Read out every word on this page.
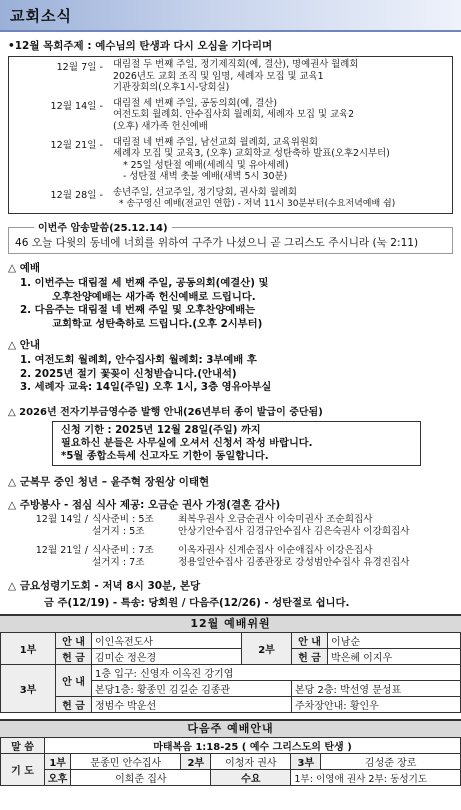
교회소식
•12월 목회주제 : 예수님의 탄생과 다시 오심을 기다리며
12월 7일 -	대림절 두 번째 주일, 정기제직회(예, 결산), 명예권사 월례회
2026년도 교회 조직 및 임명, 세례자 모집 및 교육1
기관장회의(오후1시-당회실)
12월 14일 -	대림절 세 번째 주일, 공동의회(예, 결산)
여전도회 월례회. 안수집사회 월례회, 세례자 모집 및 교육2
(오후) 새가족 헌신예배
12월 21일 -	대림절 네 번째 주일, 남선교회 월례회, 교육위원회
세례자 모집 및 교육3, (오후) 교회학교 성탄축하 발표(오후2시부터)
* 25일 성탄절 예배(세례식 및 유아세례)
- 성탄절 새벽 촛불 예배(새벽 5시 30분)
12월 28일 -	송년주일, 선교주일, 정기당회, 권사회 월례회
* 송구영신 예배(전교인 연합) - 저녁 11시 30분부터(수요저녁예배 쉼)
이번주 암송말씀(25.12.14)
46 오늘 다윗의 동네에 너희를 위하여 구주가 나셨으니 곧 그리스도 주시니라 (눅 2:11)
△ 예배
1. 이번주는 대림절 세 번째 주일, 공동의회(예결산) 및
오후찬양예배는 새가족 헌신예배로 드립니다.
2. 다음주는 대림절 네 번째 주일 및 오후찬양예배는
교회학교 성탄축하로 드립니다.(오후 2시부터)
△ 안내
1. 여전도회 월례회, 안수집사회 월례회: 3부예배 후
2. 2025년 절기 꽃꽂이 신청받습니다.(안내석)
3. 세례자 교육: 14일(주일) 오후 1시, 3층 영유아부실
△ 2026년 전자기부금영수증 발행 안내(26년부터 종이 발급이 중단됨)
신청 기한 : 2025년 12월 28일(주일) 까지
필요하신 분들은 사무실에 오셔서 신청서 작성 바랍니다.
*5월 종합소득세 신고자도 기한이 동일합니다.
△ 군복무 중인 청년 – 윤주혁 장원상 이태현
△ 주방봉사 - 점심 식사 제공: 오금순 권사 가정(결혼 감사)
12월 14일 / 식사준비 : 5조	최복우권사 오금순권사 이숙미권사 조순희집사
설거지 : 5조	안상기안수집사 김경규안수집사 김은숙권사 이강희집사
12월 21일 / 식사준비 : 7조	이옥자권사 신계순집사 이순애집사 이강은집사
설거지 : 7조	정용일안수집사 김종관장로 강성범안수집사 유경진집사
△ 금요성령기도회 - 저녁 8시 30분, 본당
금 주(12/19) - 특송: 당회원 / 다음주(12/26) - 성탄절로 쉽니다.
12월 예배위원
1부	안 내	이인옥전도사	2부	안 내	이남순
	헌 금	김미순 정은경		헌 금	박은혜 이지우
3부	안 내	1층 입구: 신영자 이옥진 강기엽			
		본당1층: 황종민 김길순 김종관		본당 2층: 박선영 문성표	
	헌 금	정범수 박운선		주차장안내: 황인우	
다음주 예배안내
말 씀	마태복음 1:18-25 ( 예수 그리스도의 탄생 )					
기 도	1부	문종민 안수집사	2부	이청자 권사	3부	김성준 장로
	오후	이희준 집사		수요	1부: 이영애 권사 2부: 동성기도	
